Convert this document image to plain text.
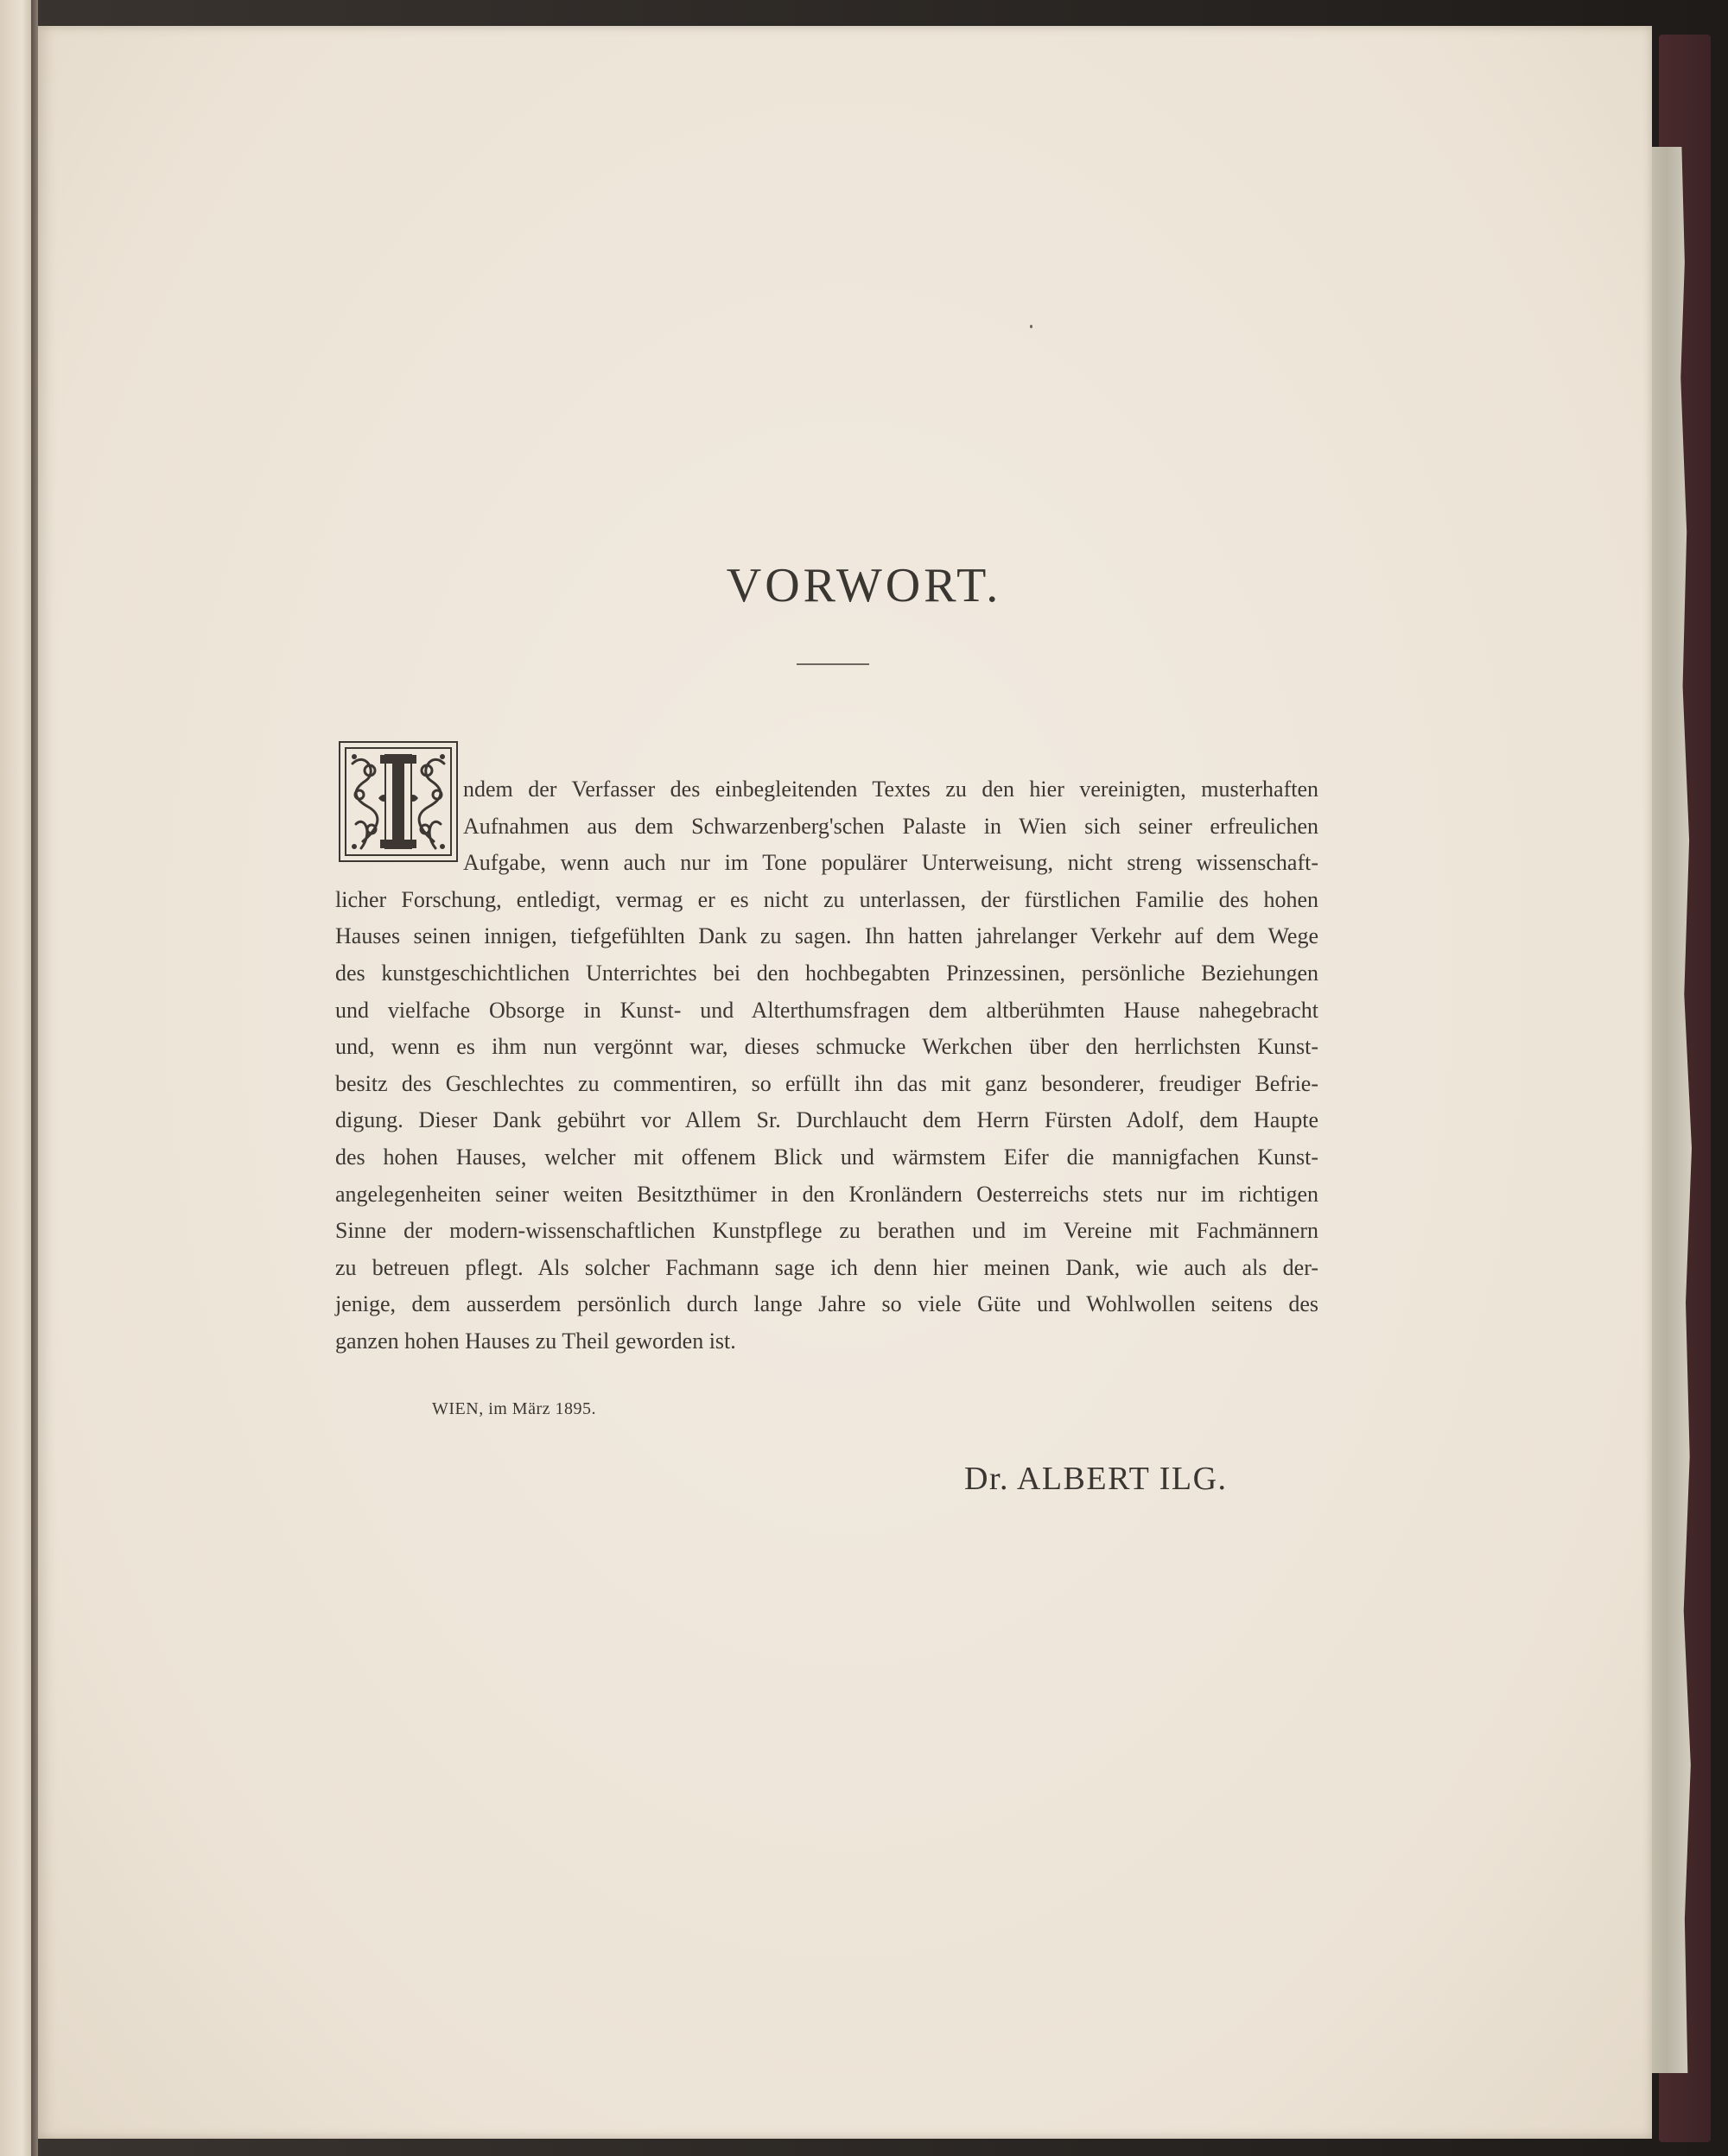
VORWORT.
ndem der Verfasser des einbegleitenden Textes zu den hier vereinigten, musterhaften
Aufnahmen aus dem Schwarzenberg'schen Palaste in Wien sich seiner erfreulichen
Aufgabe, wenn auch nur im Tone populärer Unterweisung, nicht streng wissenschaft-
licher Forschung, entledigt, vermag er es nicht zu unterlassen, der fürstlichen Familie des hohen
Hauses seinen innigen, tiefgefühlten Dank zu sagen. Ihn hatten jahrelanger Verkehr auf dem Wege
des kunstgeschichtlichen Unterrichtes bei den hochbegabten Prinzessinen, persönliche Beziehungen
und vielfache Obsorge in Kunst- und Alterthumsfragen dem altberühmten Hause nahegebracht
und, wenn es ihm nun vergönnt war, dieses schmucke Werkchen über den herrlichsten Kunst-
besitz des Geschlechtes zu commentiren, so erfüllt ihn das mit ganz besonderer, freudiger Befrie-
digung. Dieser Dank gebührt vor Allem Sr. Durchlaucht dem Herrn Fürsten Adolf, dem Haupte
des hohen Hauses, welcher mit offenem Blick und wärmstem Eifer die mannigfachen Kunst-
angelegenheiten seiner weiten Besitzthümer in den Kronländern Oesterreichs stets nur im richtigen
Sinne der modern-wissenschaftlichen Kunstpflege zu berathen und im Vereine mit Fachmännern
zu betreuen pflegt. Als solcher Fachmann sage ich denn hier meinen Dank, wie auch als der-
jenige, dem ausserdem persönlich durch lange Jahre so viele Güte und Wohlwollen seitens des
ganzen hohen Hauses zu Theil geworden ist.
WIEN, im März 1895.
Dr. ALBERT ILG.
